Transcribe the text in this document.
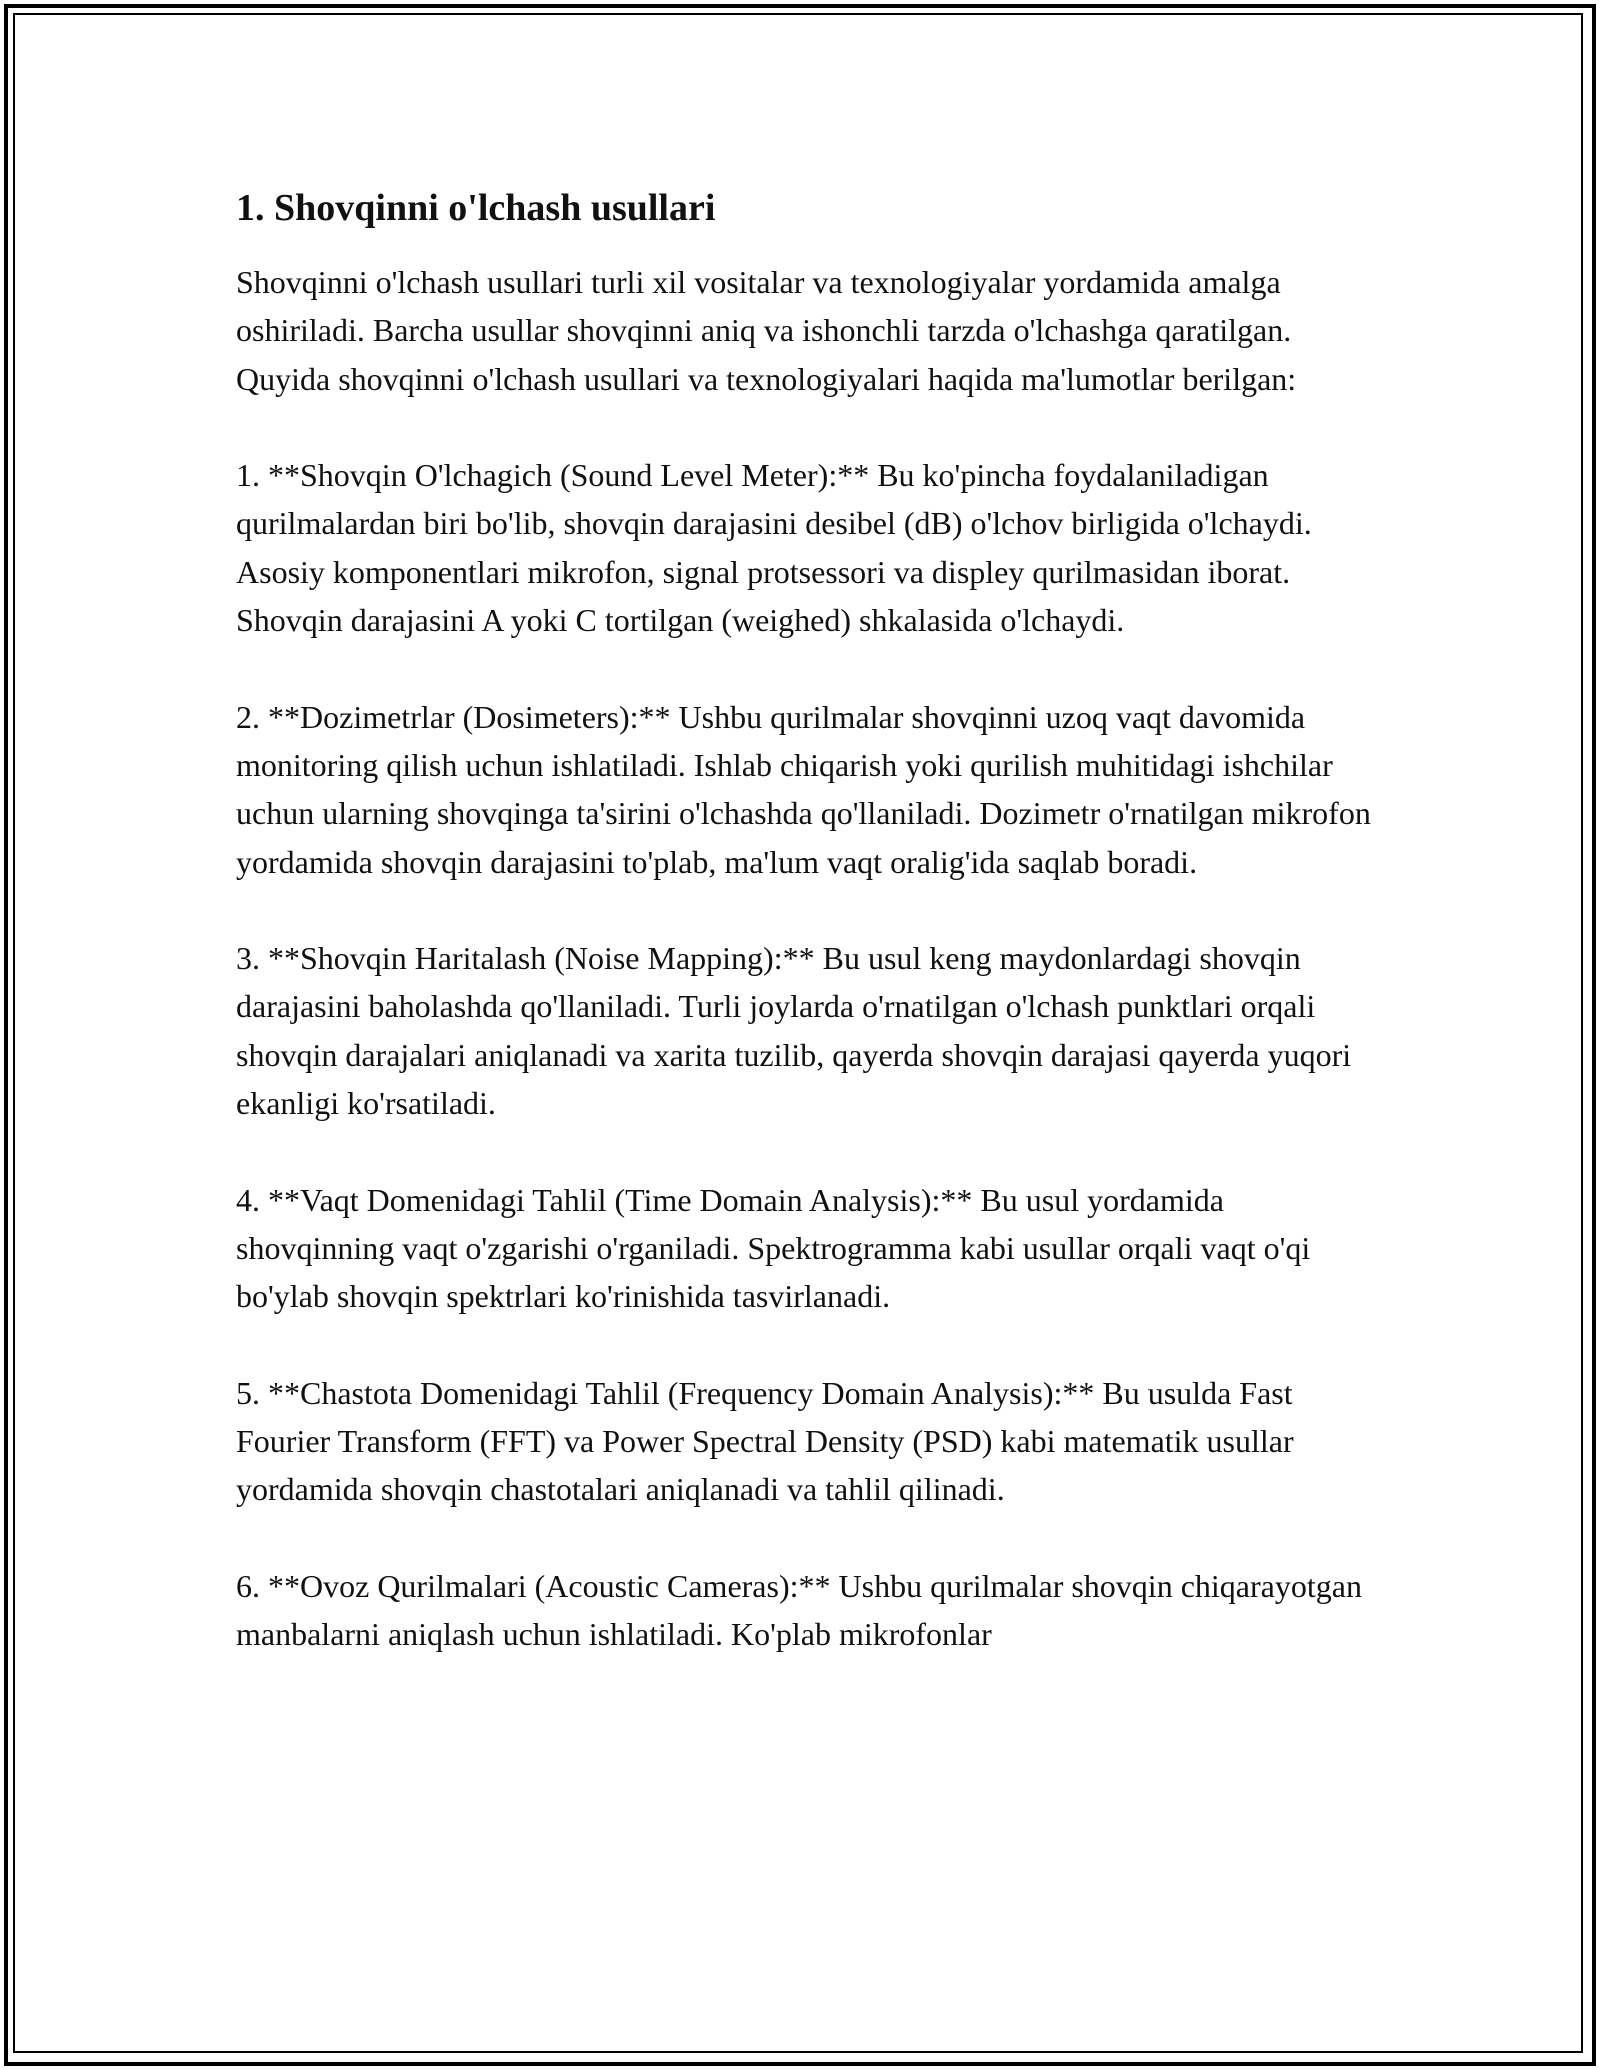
1. Shovqinni o'lchash usullari

Shovqinni o'lchash usullari turli xil vositalar va texnologiyalar yordamida amalga oshiriladi. Barcha usullar shovqinni aniq va ishonchli tarzda o'lchashga qaratilgan. Quyida shovqinni o'lchash usullari va texnologiyalari haqida ma'lumotlar berilgan:

1. **Shovqin O'lchagich (Sound Level Meter):** Bu ko'pincha foydalaniladigan qurilmalardan biri bo'lib, shovqin darajasini desibel (dB) o'lchov birligida o'lchaydi. Asosiy komponentlari mikrofon, signal protsessori va displey qurilmasidan iborat. Shovqin darajasini A yoki C tortilgan (weighed) shkalasida o'lchaydi.

2. **Dozimetrlar (Dosimeters):** Ushbu qurilmalar shovqinni uzoq vaqt davomida monitoring qilish uchun ishlatiladi. Ishlab chiqarish yoki qurilish muhitidagi ishchilar uchun ularning shovqinga ta'sirini o'lchashda qo'llaniladi. Dozimetr o'rnatilgan mikrofon yordamida shovqin darajasini to'plab, ma'lum vaqt oralig'ida saqlab boradi.

3. **Shovqin Haritalash (Noise Mapping):** Bu usul keng maydonlardagi shovqin darajasini baholashda qo'llaniladi. Turli joylarda o'rnatilgan o'lchash punktlari orqali shovqin darajalari aniqlanadi va xarita tuzilib, qayerda shovqin darajasi qayerda yuqori ekanligi ko'rsatiladi.

4. **Vaqt Domenidagi Tahlil (Time Domain Analysis):** Bu usul yordamida shovqinning vaqt o'zgarishi o'rganiladi. Spektrogramma kabi usullar orqali vaqt o'qi bo'ylab shovqin spektrlari ko'rinishida tasvirlanadi.

5. **Chastota Domenidagi Tahlil (Frequency Domain Analysis):** Bu usulda Fast Fourier Transform (FFT) va Power Spectral Density (PSD) kabi matematik usullar yordamida shovqin chastotalari aniqlanadi va tahlil qilinadi.

6. **Ovoz Qurilmalari (Acoustic Cameras):** Ushbu qurilmalar shovqin chiqarayotgan manbalarni aniqlash uchun ishlatiladi. Ko'plab mikrofonlar
